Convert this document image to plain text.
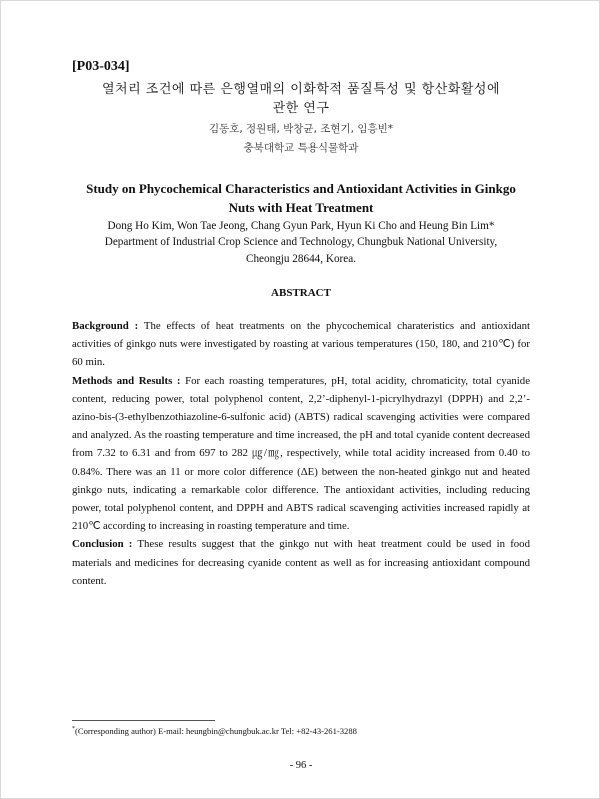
[P03-034]
열처리 조건에 따른 은행열매의 이화학적 품질특성 및 항산화활성에
관한 연구
김동호, 정원태, 박창균, 조현기, 임흥빈*
충북대학교 특용식물학과
Study on Phycochemical Characteristics and Antioxidant Activities in Ginkgo
Nuts with Heat Treatment
Dong Ho Kim, Won Tae Jeong, Chang Gyun Park, Hyun Ki Cho and Heung Bin Lim*
Department of Industrial Crop Science and Technology, Chungbuk National University,
Cheongju 28644, Korea.
ABSTRACT

Background : The effects of heat treatments on the phycochemical charateristics and antioxidant activities of ginkgo nuts were investigated by roasting at various temperatures (150, 180, and 210℃) for 60 min.

Methods and Results : For each roasting temperatures, pH, total acidity, chromaticity, total cyanide content, reducing power, total polyphenol content, 2,2’-diphenyl-1-picrylhydrazyl (DPPH) and 2,2’-azino-bis-(3-ethylbenzothiazoline-6-sulfonic acid) (ABTS) radical scavenging activities were compared and analyzed. As the roasting temperature and time increased, the pH and total cyanide content decreased from 7.32 to 6.31 and from 697 to 282 ㎍/㎎, respectively, while total acidity increased from 0.40 to 0.84%. There was an 11 or more color difference (ΔE) between the non-heated ginkgo nut and heated ginkgo nuts, indicating a remarkable color difference. The antioxidant activities, including reducing power, total polyphenol content, and DPPH and ABTS radical scavenging activities increased rapidly at 210℃ according to increasing in roasting temperature and time.

Conclusion : These results suggest that the ginkgo nut with heat treatment could be used in food materials and medicines for decreasing cyanide content as well as for increasing antioxidant compound content.

*(Corresponding author) E-mail: heungbin@chungbuk.ac.kr Tel: +82-43-261-3288
- 96 -
